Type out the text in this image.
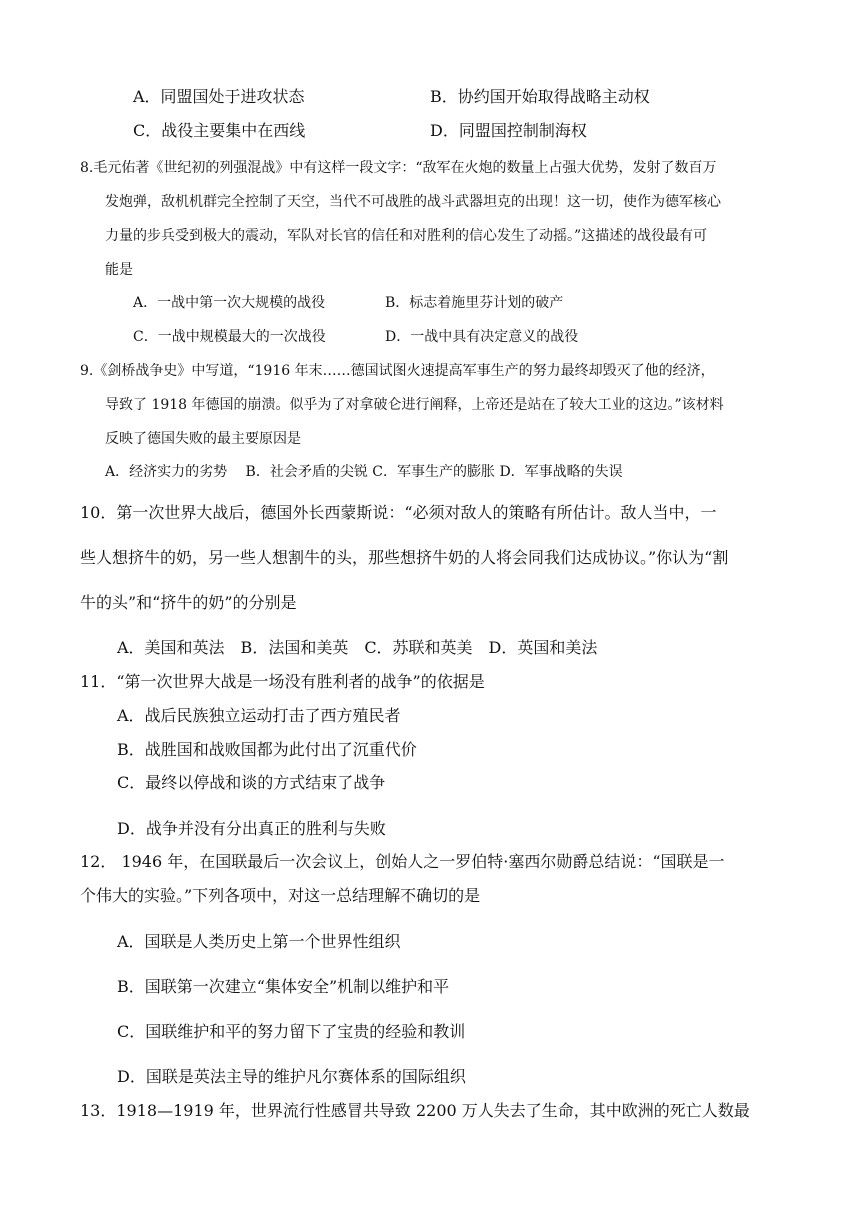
A．同盟国处于进攻状态	B．协约国开始取得战略主动权
C．战役主要集中在西线	D．同盟国控制制海权
8.毛元佑著《世纪初的列强混战》中有这样一段文字：“敌军在火炮的数量上占强大优势，发射了数百万
发炮弹，敌机机群完全控制了天空，当代不可战胜的战斗武器坦克的出现！这一切，使作为德军核心
力量的步兵受到极大的震动，军队对长官的信任和对胜利的信心发生了动摇。”这描述的战役最有可
能是
A．一战中第一次大规模的战役	B．标志着施里芬计划的破产
C．一战中规模最大的一次战役	D．一战中具有决定意义的战役
9.《剑桥战争史》中写道，“1916 年末……德国试图火速提高军事生产的努力最终却毁灭了他的经济，
导致了 1918 年德国的崩溃。似乎为了对拿破仑进行阐释，上帝还是站在了较大工业的这边。”该材料
反映了德国失败的最主要原因是
A．经济实力的劣势　 B．社会矛盾的尖锐 C．军事生产的膨胀 D．军事战略的失误
10．第一次世界大战后，德国外长西蒙斯说：“必须对敌人的策略有所估计。敌人当中，一
些人想挤牛的奶，另一些人想割牛的头，那些想挤牛奶的人将会同我们达成协议。”你认为“割
牛的头”和“挤牛的奶”的分别是
A．美国和英法　B．法国和美英　C．苏联和英美　D．英国和美法
11．“第一次世界大战是一场没有胜利者的战争”的依据是
A．战后民族独立运动打击了西方殖民者
B．战胜国和战败国都为此付出了沉重代价
C．最终以停战和谈的方式结束了战争
D．战争并没有分出真正的胜利与失败
12． 1946 年，在国联最后一次会议上，创始人之一罗伯特·塞西尔勋爵总结说：“国联是一
个伟大的实验。”下列各项中，对这一总结理解不确切的是
A．国联是人类历史上第一个世界性组织
B．国联第一次建立“集体安全”机制以维护和平
C．国联维护和平的努力留下了宝贵的经验和教训
D．国联是英法主导的维护凡尔赛体系的国际组织
13．1918—1919 年，世界流行性感冒共导致 2200 万人失去了生命，其中欧洲的死亡人数最
